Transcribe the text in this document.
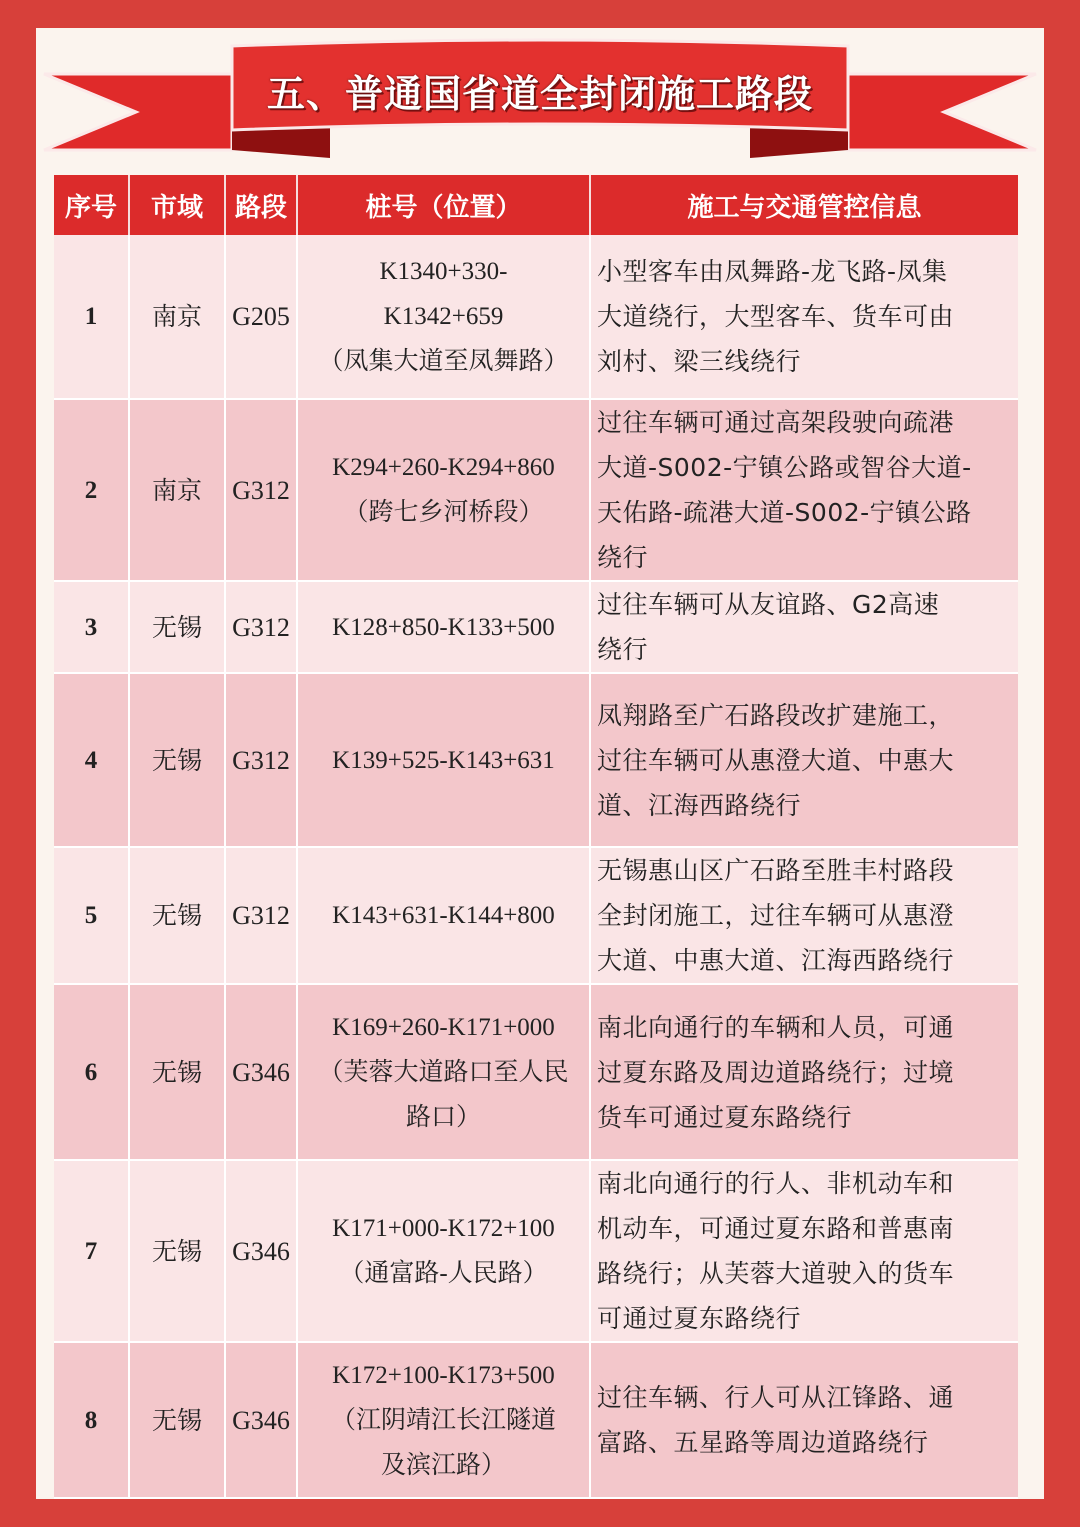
五、普通国省道全封闭施工路段
序号	市域	路段	桩号（位置）	施工与交通管控信息
1	南京	G205	K1340+330-
K1342+659
（凤集大道至凤舞路）	小型客车由凤舞路-龙飞路-凤集
大道绕行，大型客车、货车可由
刘村、梁三线绕行

2	南京	G312	K294+260-K294+860
（跨七乡河桥段）	过往车辆可通过高架段驶向疏港
大道-S002-宁镇公路或智谷大道-
天佑路-疏港大道-S002-宁镇公路
绕行

3	无锡	G312	K128+850-K133+500	过往车辆可从友谊路、G2高速
绕行

4	无锡	G312	K139+525-K143+631	凤翔路至广石路段改扩建施工，
过往车辆可从惠澄大道、中惠大
道、江海西路绕行

5	无锡	G312	K143+631-K144+800	无锡惠山区广石路至胜丰村路段
全封闭施工，过往车辆可从惠澄
大道、中惠大道、江海西路绕行

6	无锡	G346	K169+260-K171+000
（芙蓉大道路口至人民
路口）	南北向通行的车辆和人员，可通
过夏东路及周边道路绕行；过境
货车可通过夏东路绕行

7	无锡	G346	K171+000-K172+100
（通富路-人民路）	南北向通行的行人、非机动车和
机动车，可通过夏东路和普惠南
路绕行；从芙蓉大道驶入的货车
可通过夏东路绕行

8	无锡	G346	K172+100-K173+500
（江阴靖江长江隧道
及滨江路）	过往车辆、行人可从江锋路、通
富路、五星路等周边道路绕行
